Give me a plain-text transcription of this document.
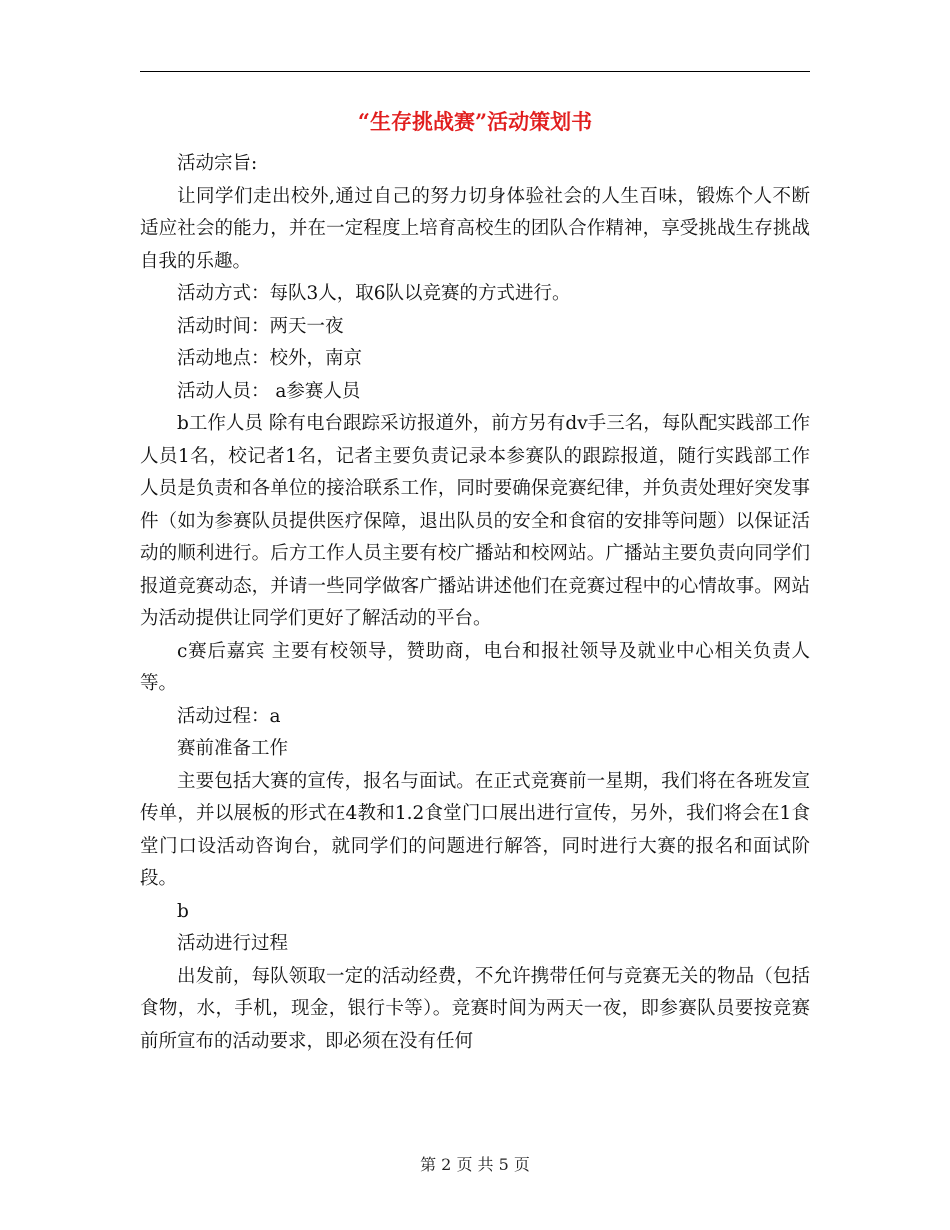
“生存挑战赛”活动策划书

活动宗旨:

让同学们走出校外,通过自己的努力切身体验社会的人生百味，锻炼个人不断适应社会的能力，并在一定程度上培育高校生的团队合作精神，享受挑战生存挑战自我的乐趣。

活动方式：每队3人，取6队以竞赛的方式进行。

活动时间：两天一夜

活动地点：校外，南京

活动人员： a参赛人员

b工作人员 除有电台跟踪采访报道外，前方另有dv手三名，每队配实践部工作人员1名，校记者1名，记者主要负责记录本参赛队的跟踪报道，随行实践部工作人员是负责和各单位的接洽联系工作，同时要确保竞赛纪律，并负责处理好突发事件（如为参赛队员提供医疗保障，退出队员的安全和食宿的安排等问题）以保证活动的顺利进行。后方工作人员主要有校广播站和校网站。广播站主要负责向同学们报道竞赛动态，并请一些同学做客广播站讲述他们在竞赛过程中的心情故事。网站为活动提供让同学们更好了解活动的平台。

c赛后嘉宾 主要有校领导，赞助商，电台和报社领导及就业中心相关负责人等。

活动过程：a

赛前准备工作

主要包括大赛的宣传，报名与面试。在正式竞赛前一星期，我们将在各班发宣传单，并以展板的形式在4教和1.2食堂门口展出进行宣传，另外，我们将会在1食堂门口设活动咨询台，就同学们的问题进行解答，同时进行大赛的报名和面试阶段。

b

活动进行过程

出发前，每队领取一定的活动经费，不允许携带任何与竞赛无关的物品（包括食物，水，手机，现金，银行卡等）。竞赛时间为两天一夜，即参赛队员要按竞赛前所宣布的活动要求，即必须在没有任何

第 2 页 共 5 页
